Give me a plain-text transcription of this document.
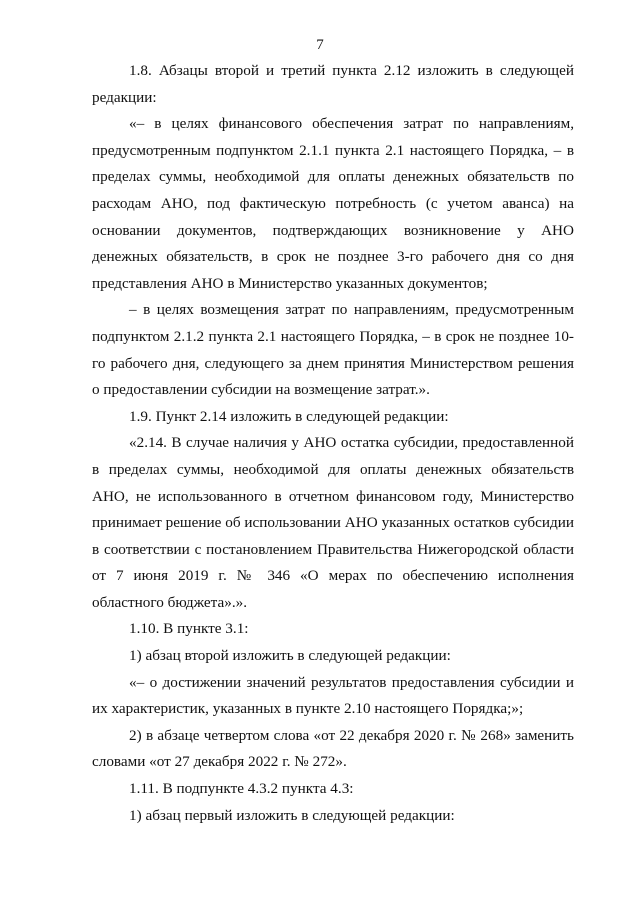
7

1.8. Абзацы второй и третий пункта 2.12 изложить в следующей редакции:

«– в целях финансового обеспечения затрат по направлениям, предусмотренным подпунктом 2.1.1 пункта 2.1 настоящего Порядка, – в пределах суммы, необходимой для оплаты денежных обязательств по расходам АНО, под фактическую потребность (с учетом аванса) на основании документов, подтверждающих возникновение у АНО денежных обязательств, в срок не позднее 3-го рабочего дня со дня представления АНО в Министерство указанных документов;

– в целях возмещения затрат по направлениям, предусмотренным подпунктом 2.1.2 пункта 2.1 настоящего Порядка, – в срок не позднее 10-го рабочего дня, следующего за днем принятия Министерством решения о предоставлении субсидии на возмещение затрат.».

1.9. Пункт 2.14 изложить в следующей редакции:

«2.14. В случае наличия у АНО остатка субсидии, предоставленной в пределах суммы, необходимой для оплаты денежных обязательств АНО, не использованного в отчетном финансовом году, Министерство принимает решение об использовании АНО указанных остатков субсидии в соответствии с постановлением Правительства Нижегородской области от 7 июня 2019 г. № 346 «О мерах по обеспечению исполнения областного бюджета».».

1.10. В пункте 3.1:

1) абзац второй изложить в следующей редакции:

«– о достижении значений результатов предоставления субсидии и их характеристик, указанных в пункте 2.10 настоящего Порядка;»;

2) в абзаце четвертом слова «от 22 декабря 2020 г. № 268» заменить словами «от 27 декабря 2022 г. № 272».

1.11. В подпункте 4.3.2 пункта 4.3:

1) абзац первый изложить в следующей редакции:
